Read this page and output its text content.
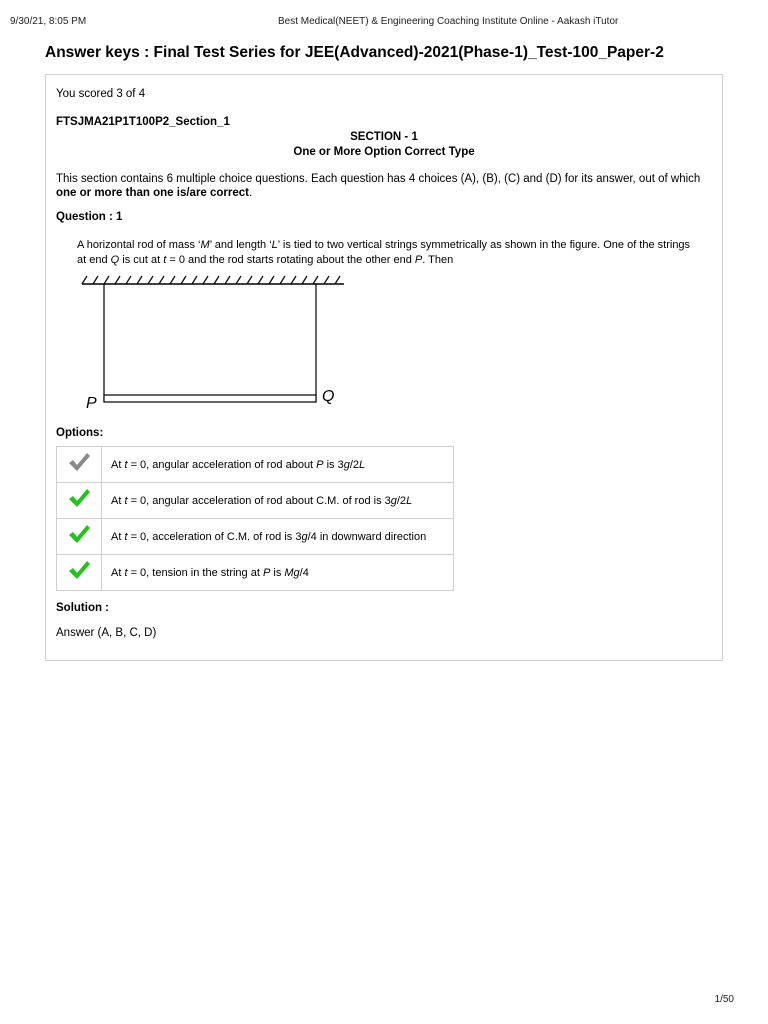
9/30/21, 8:05 PM	Best Medical(NEET) & Engineering Coaching Institute Online - Aakash iTutor
Answer keys : Final Test Series for JEE(Advanced)-2021(Phase-1)_Test-100_Paper-2
You scored 3 of 4
FTSJMA21P1T100P2_Section_1
SECTION - 1
One or More Option Correct Type
This section contains 6 multiple choice questions. Each question has 4 choices (A), (B), (C) and (D) for its answer, out of which one or more than one is/are correct.
Question : 1
A horizontal rod of mass ‘M’ and length ‘L’ is tied to two vertical strings symmetrically as shown in the figure. One of the strings at end Q is cut at t = 0 and the rod starts rotating about the other end P. Then
P	Q
Options:
	At t = 0, angular acceleration of rod about P is 3g/2L
	At t = 0, angular acceleration of rod about C.M. of rod is 3g/2L
	At t = 0, acceleration of C.M. of rod is 3g/4 in downward direction
	At t = 0, tension in the string at P is Mg/4
Solution :
Answer (A, B, C, D)
1/50
